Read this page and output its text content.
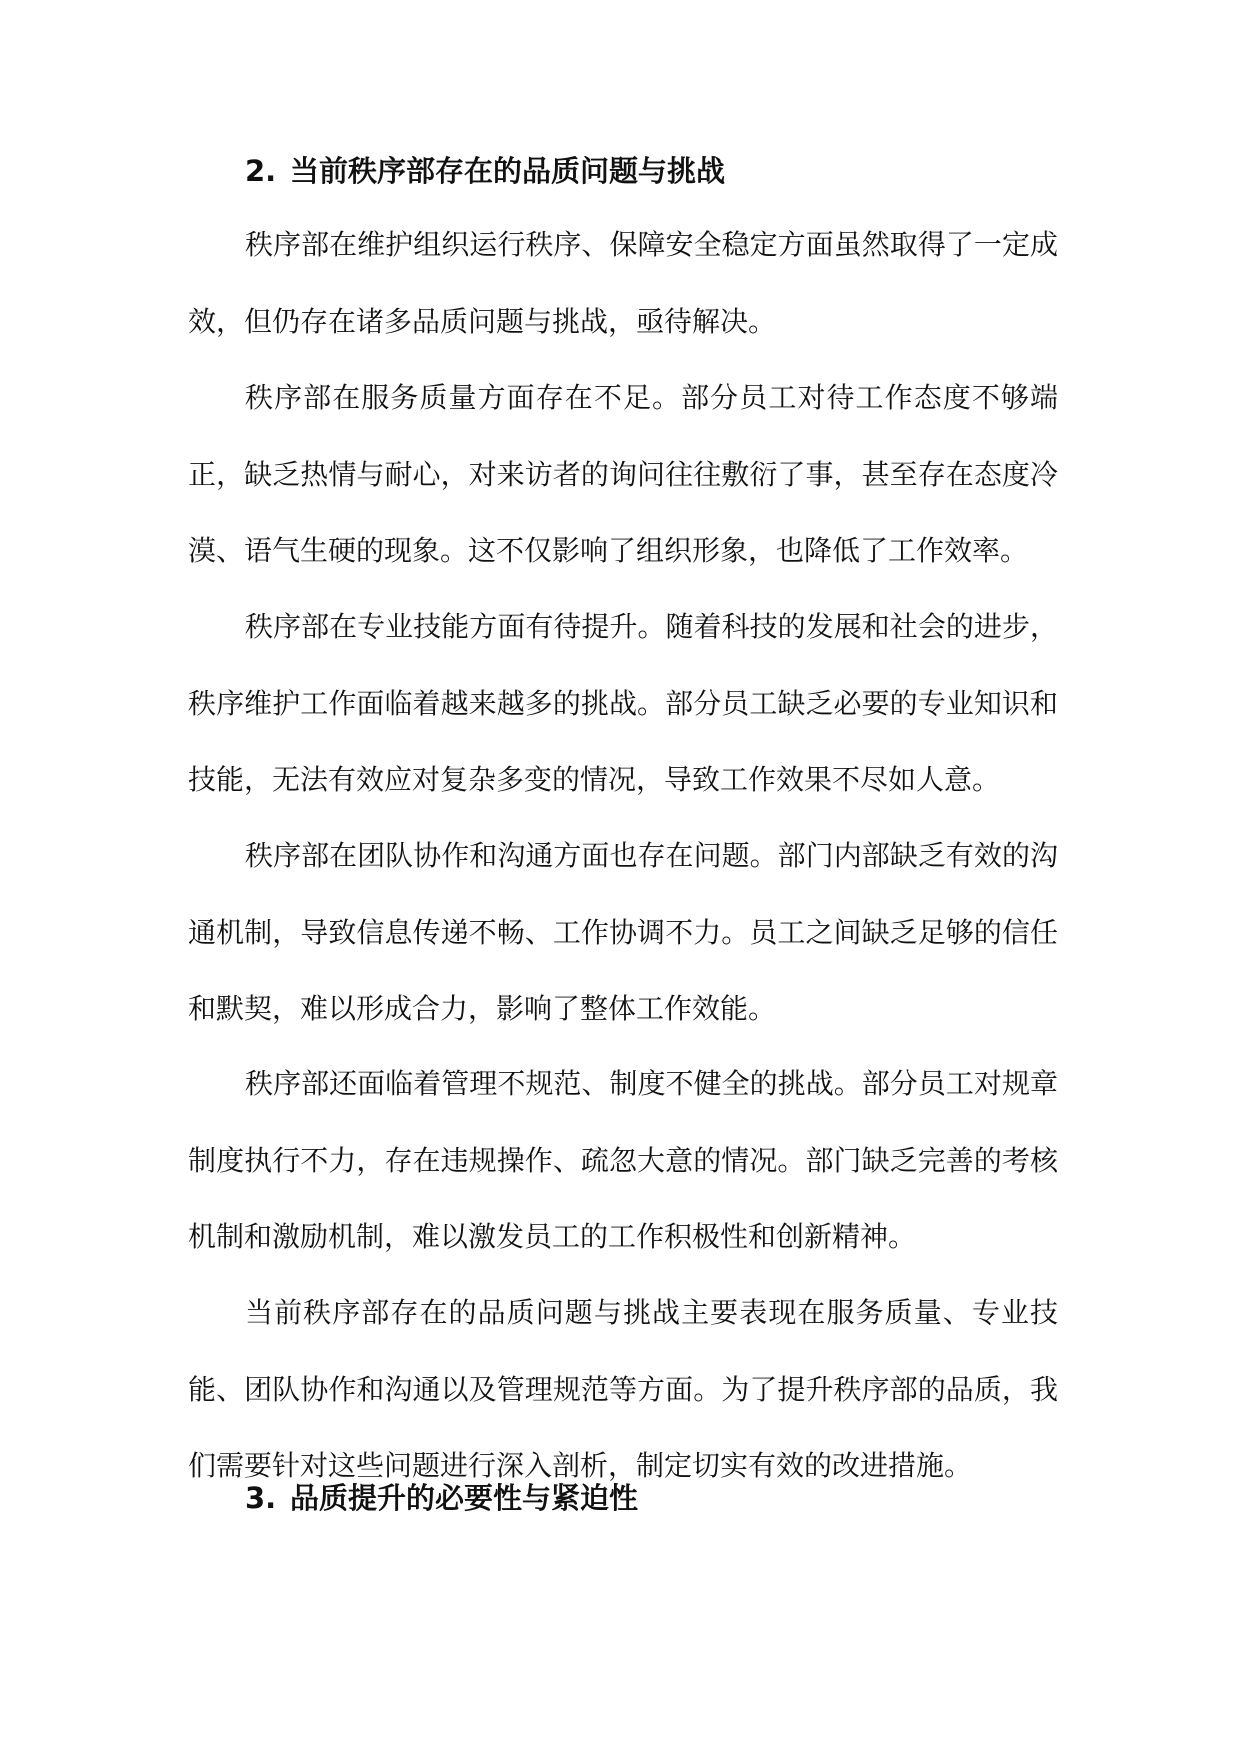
2. 当前秩序部存在的品质问题与挑战

秩序部在维护组织运行秩序、保障安全稳定方面虽然取得了一定成效，但仍存在诸多品质问题与挑战，亟待解决。

秩序部在服务质量方面存在不足。部分员工对待工作态度不够端正，缺乏热情与耐心，对来访者的询问往往敷衍了事，甚至存在态度冷漠、语气生硬的现象。这不仅影响了组织形象，也降低了工作效率。

秩序部在专业技能方面有待提升。随着科技的发展和社会的进步，秩序维护工作面临着越来越多的挑战。部分员工缺乏必要的专业知识和技能，无法有效应对复杂多变的情况，导致工作效果不尽如人意。

秩序部在团队协作和沟通方面也存在问题。部门内部缺乏有效的沟通机制，导致信息传递不畅、工作协调不力。员工之间缺乏足够的信任和默契，难以形成合力，影响了整体工作效能。

秩序部还面临着管理不规范、制度不健全的挑战。部分员工对规章制度执行不力，存在违规操作、疏忽大意的情况。部门缺乏完善的考核机制和激励机制，难以激发员工的工作积极性和创新精神。

当前秩序部存在的品质问题与挑战主要表现在服务质量、专业技能、团队协作和沟通以及管理规范等方面。为了提升秩序部的品质，我们需要针对这些问题进行深入剖析，制定切实有效的改进措施。

3. 品质提升的必要性与紧迫性
